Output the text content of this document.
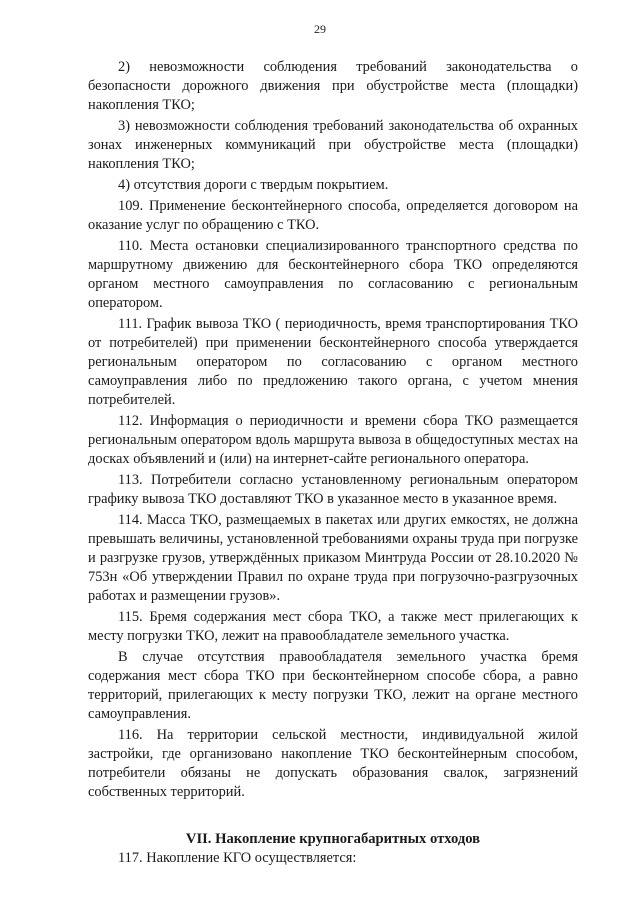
29

2) невозможности соблюдения требований законодательства о безопасности дорожного движения при обустройстве места (площадки) накопления ТКО;

3) невозможности соблюдения требований законодательства об охранных зонах инженерных коммуникаций при обустройстве места (площадки) накопления ТКО;

4) отсутствия дороги с твердым покрытием.

109. Применение бесконтейнерного способа, определяется договором на оказание услуг по обращению с ТКО.

110. Места остановки специализированного транспортного средства по маршрутному движению для бесконтейнерного сбора ТКО определяются органом местного самоуправления по согласованию с региональным оператором.

111. График вывоза ТКО ( периодичность, время транспортирования ТКО от потребителей) при применении бесконтейнерного способа утверждается региональным оператором по согласованию с органом местного самоуправления либо по предложению такого органа, с учетом мнения потребителей.

112. Информация о периодичности и времени сбора ТКО размещается региональным оператором вдоль маршрута вывоза в общедоступных местах на досках объявлений и (или) на интернет-сайте регионального оператора.

113. Потребители согласно установленному региональным оператором графику вывоза ТКО доставляют ТКО в указанное место в указанное время.

114. Масса ТКО, размещаемых в пакетах или других емкостях, не должна превышать величины, установленной требованиями охраны труда при погрузке и разгрузке грузов, утверждённых приказом Минтруда России от 28.10.2020 № 753н «Об утверждении Правил по охране труда при погрузочно-разгрузочных работах и размещении грузов».

115. Бремя содержания мест сбора ТКО, а также мест прилегающих к месту погрузки ТКО, лежит на правообладателе земельного участка.

В случае отсутствия правообладателя земельного участка бремя содержания мест сбора ТКО при бесконтейнерном способе сбора, а равно территорий, прилегающих к месту погрузки ТКО, лежит на органе местного самоуправления.

116. На территории сельской местности, индивидуальной жилой застройки, где организовано накопление ТКО бесконтейнерным способом, потребители обязаны не допускать образования свалок, загрязнений собственных территорий.

VII. Накопление крупногабаритных отходов

117. Накопление КГО осуществляется:
